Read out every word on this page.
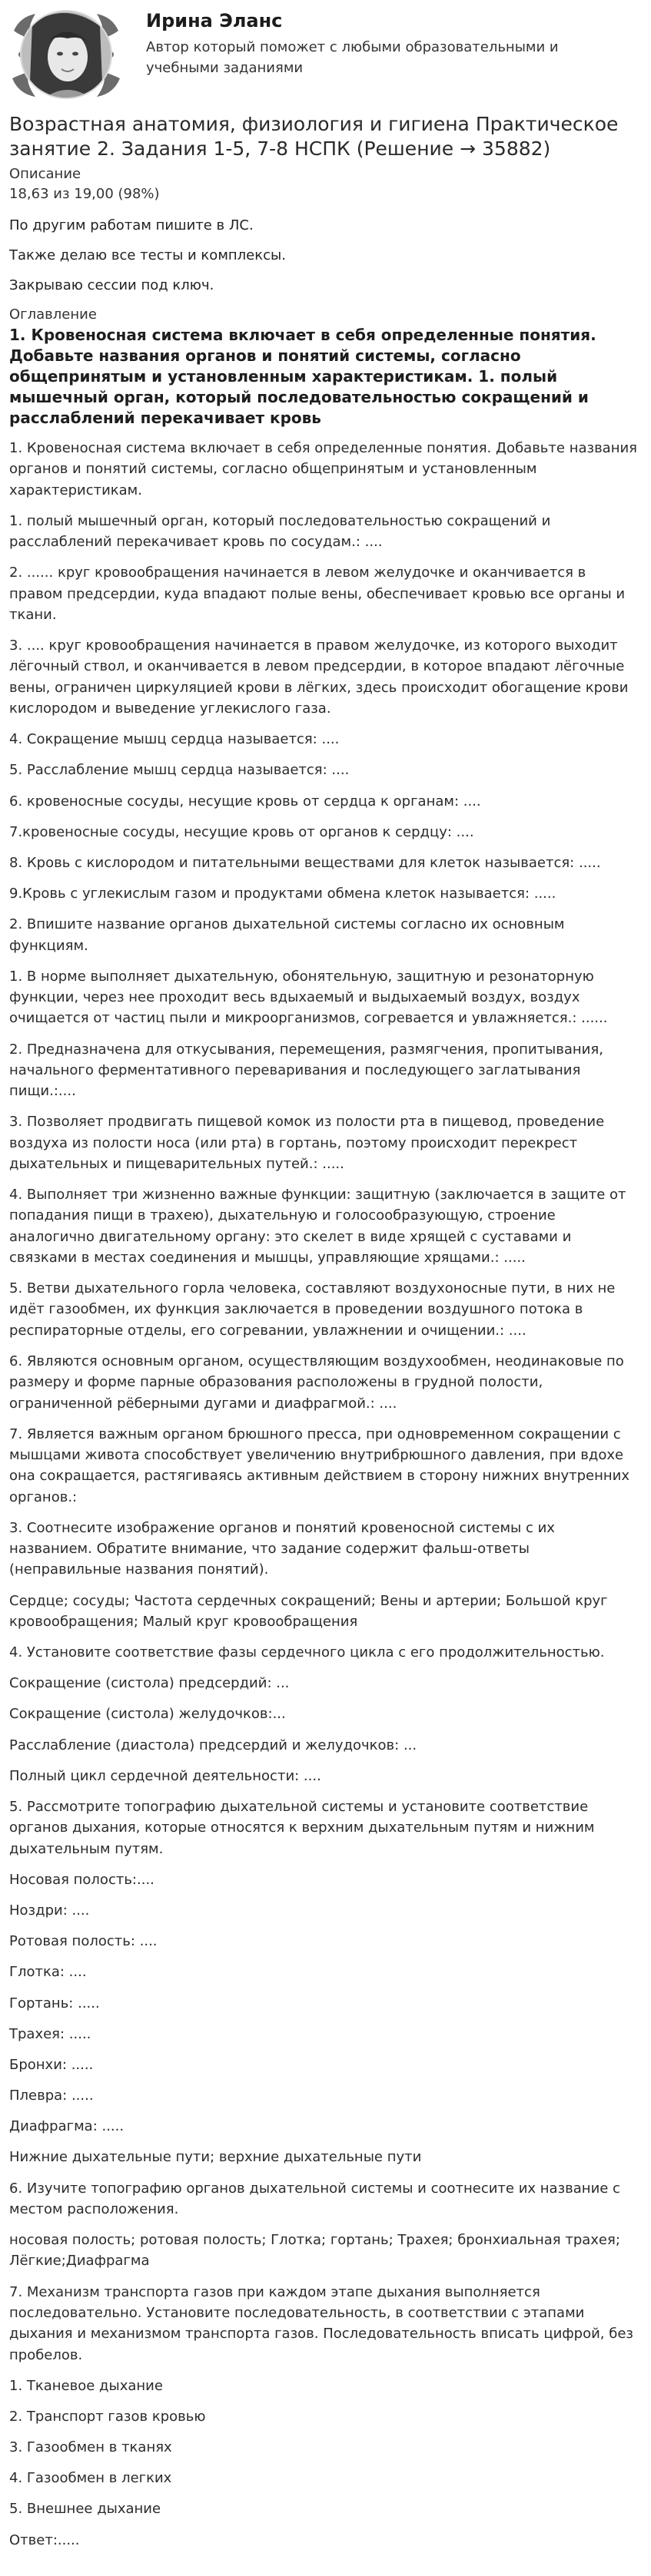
Ирина Эланс
Автор который поможет с любыми образовательными и учебными заданиями
Возрастная анатомия, физиология и гигиена Практическое занятие 2. Задания 1-5, 7-8 НСПК (Решение → 35882)
Описание
18,63 из 19,00 (98%)

По другим работам пишите в ЛС.

Также делаю все тесты и комплексы.

Закрываю сессии под ключ.

Оглавление
1. Кровеносная система включает в себя определенные понятия. Добавьте названия органов и понятий системы, согласно общепринятым и установленным характеристикам. 1. полый мышечный орган, который последовательностью сокращений и расслаблений перекачивает кровь

1. Кровеносная система включает в себя определенные понятия. Добавьте названия органов и понятий системы, согласно общепринятым и установленным характеристикам.

1. полый мышечный орган, который последовательностью сокращений и расслаблений перекачивает кровь по сосудам.: ....

2. ...... круг кровообращения начинается в левом желудочке и оканчивается в правом предсердии, куда впадают полые вены, обеспечивает кровью все органы и ткани.

3. .... круг кровообращения начинается в правом желудочке, из которого выходит лёгочный ствол, и оканчивается в левом предсердии, в которое впадают лёгочные вены, ограничен циркуляцией крови в лёгких, здесь происходит обогащение крови кислородом и выведение углекислого газа.

4. Сокращение мышц сердца называется: ....

5. Расслабление мышц сердца называется: ....

6. кровеносные сосуды, несущие кровь от сердца к органам: ....

7.кровеносные сосуды, несущие кровь от органов к сердцу: ....

8. Кровь с кислородом и питательными веществами для клеток называется: .....

9.Кровь с углекислым газом и продуктами обмена клеток называется: .....

2. Впишите название органов дыхательной системы согласно их основным функциям.

1. В норме выполняет дыхательную, обонятельную, защитную и резонаторную функции, через нее проходит весь вдыхаемый и выдыхаемый воздух, воздух очищается от частиц пыли и микроорганизмов, согревается и увлажняется.: ......

2. Предназначена для откусывания, перемещения, размягчения, пропитывания, начального ферментативного переваривания и последующего заглатывания пищи.:....

3. Позволяет продвигать пищевой комок из полости рта в пищевод, проведение воздуха из полости носа (или рта) в гортань, поэтому происходит перекрест дыхательных и пищеварительных путей.: .....

4. Выполняет три жизненно важные функции: защитную (заключается в защите от попадания пищи в трахею), дыхательную и голосообразующую, строение аналогично двигательному органу: это скелет в виде хрящей с суставами и связками в местах соединения и мышцы, управляющие хрящами.: .....

5. Ветви дыхательного горла человека, составляют воздухоносные пути, в них не идёт газообмен, их функция заключается в проведении воздушного потока в респираторные отделы, его согревании, увлажнении и очищении.: ....

6. Являются основным органом, осуществляющим воздухообмен, неодинаковые по размеру и форме парные образования расположены в грудной полости, ограниченной рёберными дугами и диафрагмой.: ....

7. Является важным органом брюшного пресса, при одновременном сокращении с мышцами живота способствует увеличению внутрибрюшного давления, при вдохе она сокращается, растягиваясь активным действием в сторону нижних внутренних органов.:

3. Соотнесите изображение органов и понятий кровеносной системы с их названием. Обратите внимание, что задание содержит фальш-ответы (неправильные названия понятий).

Сердце; сосуды; Частота сердечных сокращений; Вены и артерии; Большой круг кровообращения; Малый круг кровообращения

4. Установите соответствие фазы сердечного цикла с его продолжительностью.

Сокращение (систола) предсердий: ...

Сокращение (систола) желудочков:...

Расслабление (диастола) предсердий и желудочков: ...

Полный цикл сердечной деятельности: ....

5. Рассмотрите топографию дыхательной системы и установите соответствие органов дыхания, которые относятся к верхним дыхательным путям и нижним дыхательным путям.

Носовая полость:....

Ноздри: ....

Ротовая полость: ....

Глотка: ....

Гортань: .....

Трахея: .....

Бронхи: .....

Плевра: .....

Диафрагма: .....

Нижние дыхательные пути; верхние дыхательные пути

6. Изучите топографию органов дыхательной системы и соотнесите их название с местом расположения.

носовая полость; ротовая полость; Глотка; гортань; Трахея; бронхиальная трахея; Лёгкие;Диафрагма

7. Механизм транспорта газов при каждом этапе дыхания выполняется последовательно. Установите последовательность, в соответствии с этапами дыхания и механизмом транспорта газов. Последовательность вписать цифрой, без пробелов.

1. Тканевое дыхание

2. Транспорт газов кровью

3. Газообмен в тканях

4. Газообмен в легких

5. Внешнее дыхание

Ответ:.....
